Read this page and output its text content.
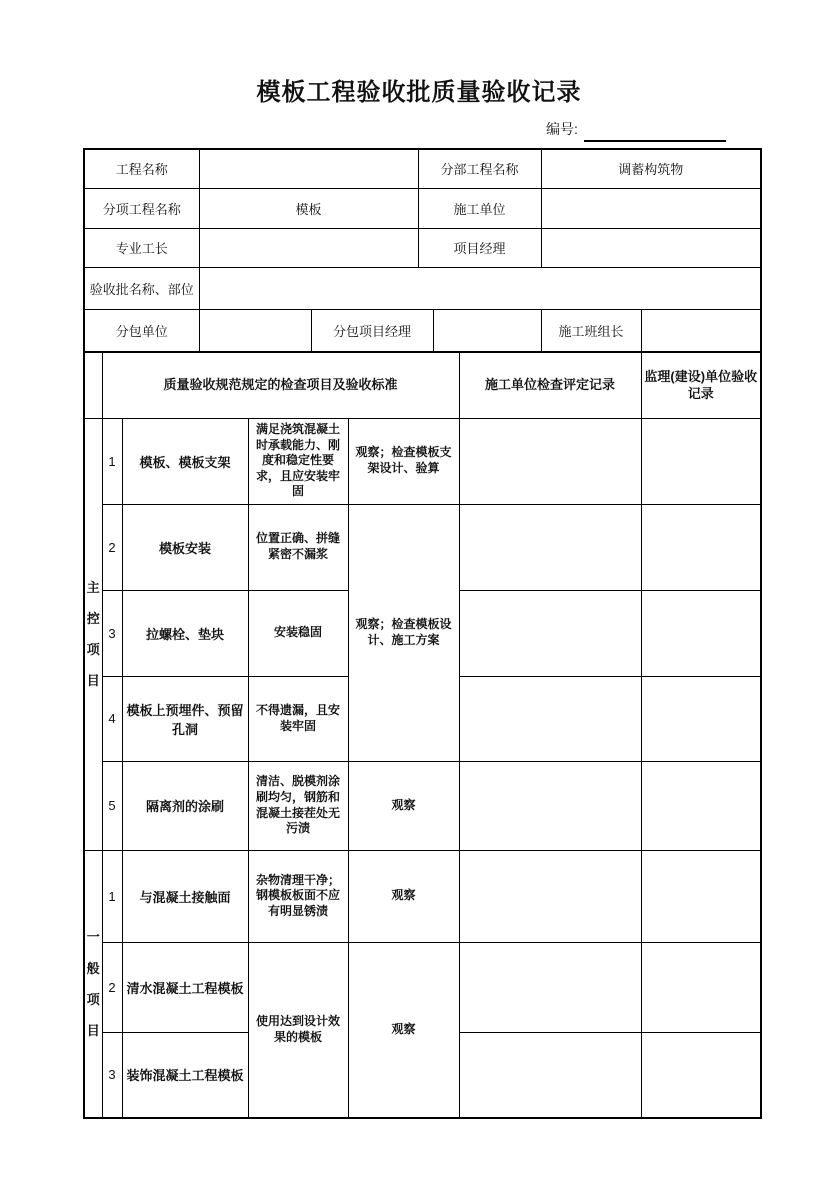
模板工程验收批质量验收记录
编号:
工程名称			分部工程名称		调蓄构筑物	
分项工程名称	模板		施工单位			
专业工长			项目经理			
验收批名称、部位						
分包单位		分包项目经理			施工班组长	
	质量验收规范规定的检查项目及验收标准				施工单位检查评定记录	监理(建设)单位验收记录
主控项目	1	模板、模板支架	满足浇筑混凝土时承载能力、刚度和稳定性要求，且应安装牢固	观察；检查模板支架设计、验算		
	2	模板安装	位置正确、拼缝紧密不漏浆	观察；检查模板设计、施工方案		
	3	拉螺栓、垫块	安装稳固			
	4	模板上预埋件、预留孔洞	不得遗漏，且安装牢固			
	5	隔离剂的涂刷	清洁、脱模剂涂刷均匀，钢筋和混凝土接茬处无污渍	观察		
一般项目	1	与混凝土接触面	杂物清理干净；钢模板板面不应有明显锈渍	观察		
	2	清水混凝土工程模板	使用达到设计效果的模板	观察		
	3	装饰混凝土工程模板				
